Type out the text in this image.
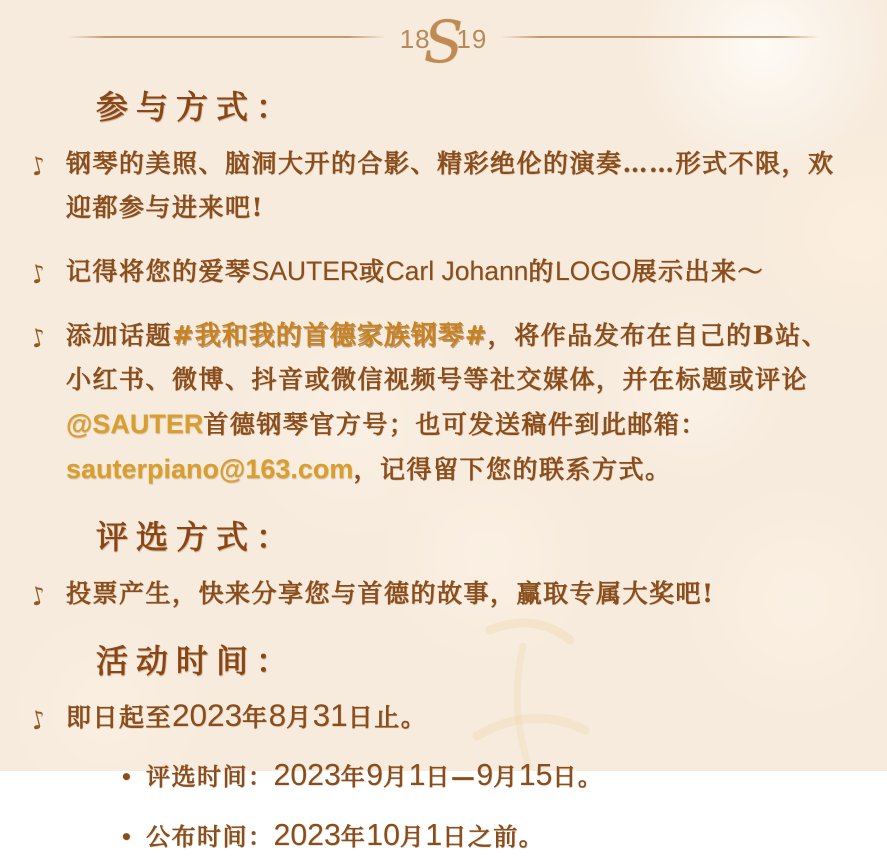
18
S
19
参与方式：
♪ 钢琴的美照、脑洞大开的合影、精彩绝伦的演奏……形式不限，欢迎都参与进来吧!

♪ 记得将您的爱琴SAUTER或Carl Johann的LOGO展示出来～

♪ 添加话题#我和我的首德家族钢琴#，将作品发布在自己的B站、小红书、微博、抖音或微信视频号等社交媒体，并在标题或评论@SAUTER首德钢琴官方号；也可发送稿件到此邮箱：sauterpiano@163.com，记得留下您的联系方式。

评选方式：
♪ 投票产生，快来分享您与首德的故事，赢取专属大奖吧!

活动时间：
♪ 即日起至2023年8月31日止。

• 评选时间：2023年9月1日—9月15日。

• 公布时间：2023年10月1日之前。
